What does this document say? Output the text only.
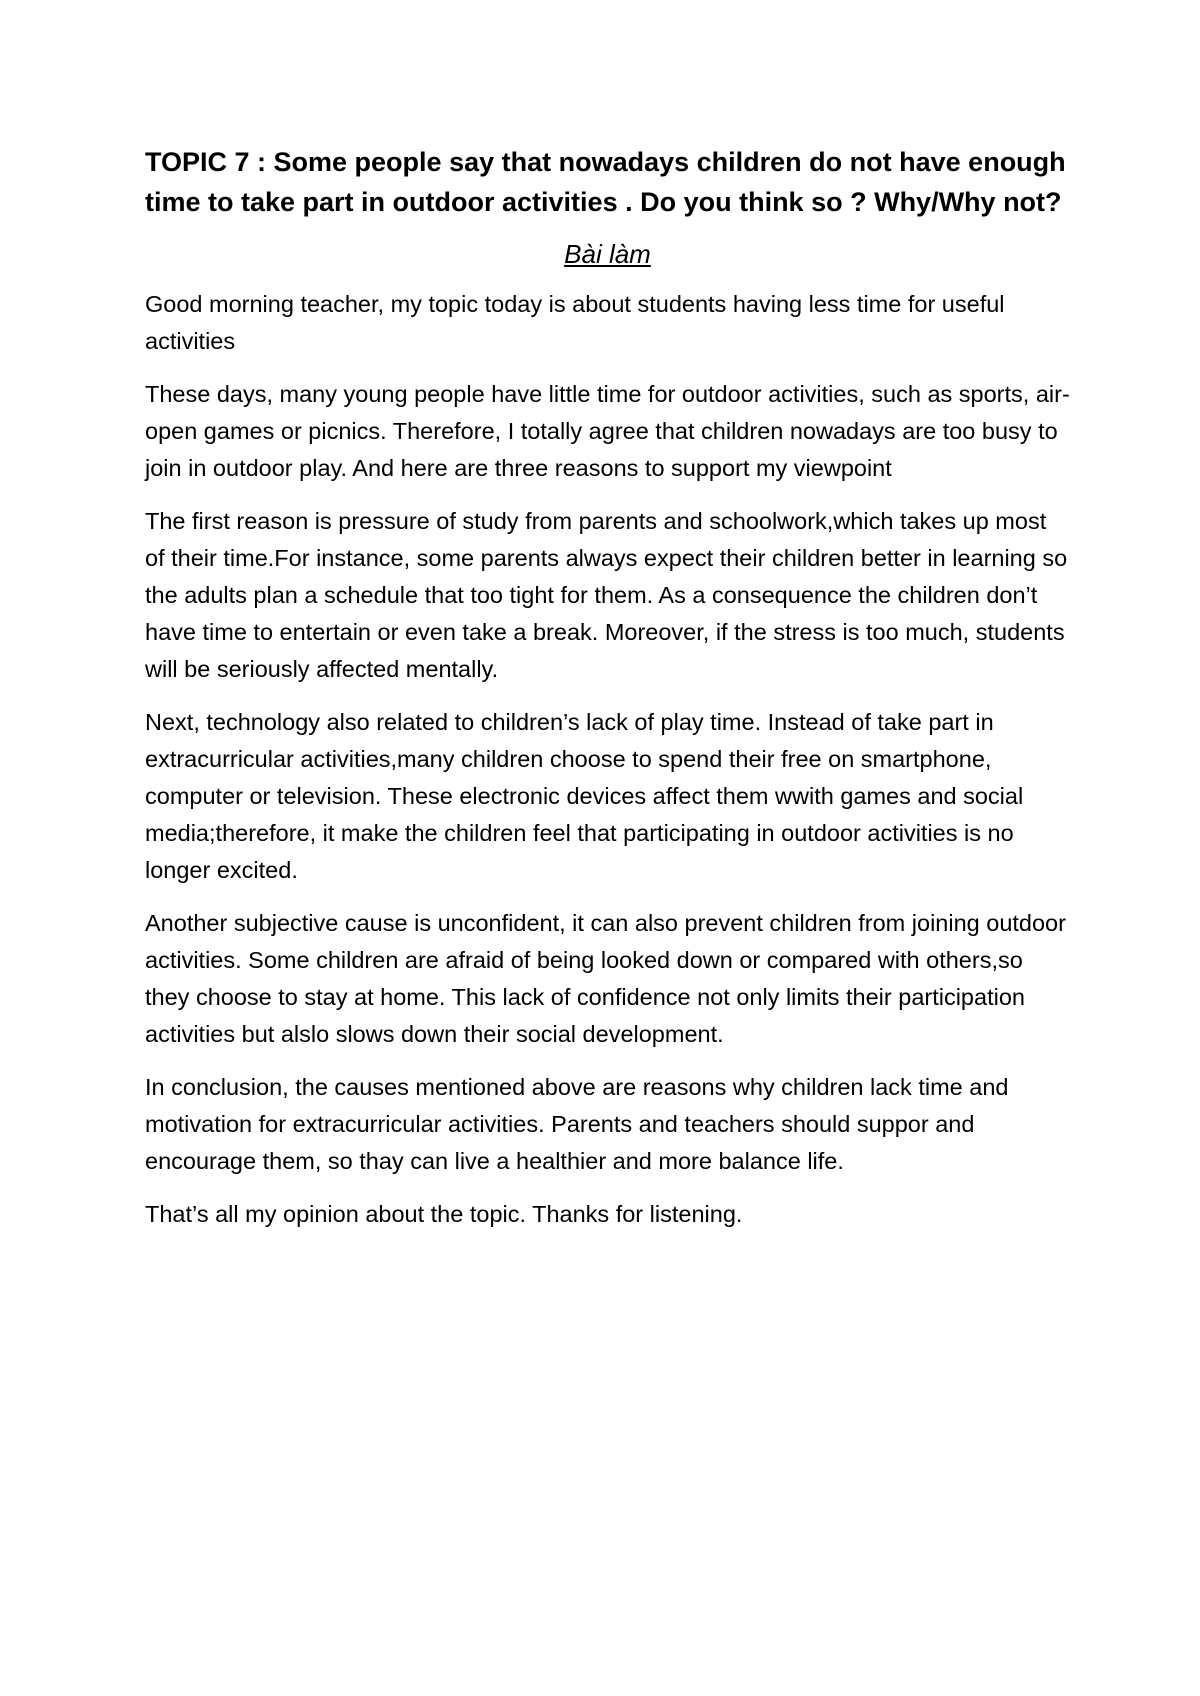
TOPIC 7 : Some people say that nowadays children do not have enough time to take part in outdoor activities . Do you think so ? Why/Why not?
Bài làm

Good morning teacher, my topic today is about students having less time for useful activities

These days, many young people have little time for outdoor activities, such as sports, air-open games or picnics. Therefore, I totally agree that children nowadays are too busy to join in outdoor play. And here are three reasons to support my viewpoint

The first reason is pressure of study from parents and schoolwork,which takes up most of their time.For instance, some parents always expect their children better in learning so the adults plan a schedule that too tight for them. As a consequence the children don’t have time to entertain or even take a break. Moreover, if the stress is too much, students will be seriously affected mentally.

Next, technology also related to children’s lack of play time. Instead of take part in extracurricular activities,many children choose to spend their free on smartphone, computer or television. These electronic devices affect them wwith games and social media;therefore, it make the children feel that participating in outdoor activities is no longer excited.

Another subjective cause is unconfident, it can also prevent children from joining outdoor activities. Some children are afraid of being looked down or compared with others,so they choose to stay at home. This lack of confidence not only limits their participation activities but alslo slows down their social development.

In conclusion, the causes mentioned above are reasons why children lack time and motivation for extracurricular activities. Parents and teachers should suppor and encourage them, so thay can live a healthier and more balance life.

That’s all my opinion about the topic. Thanks for listening.
